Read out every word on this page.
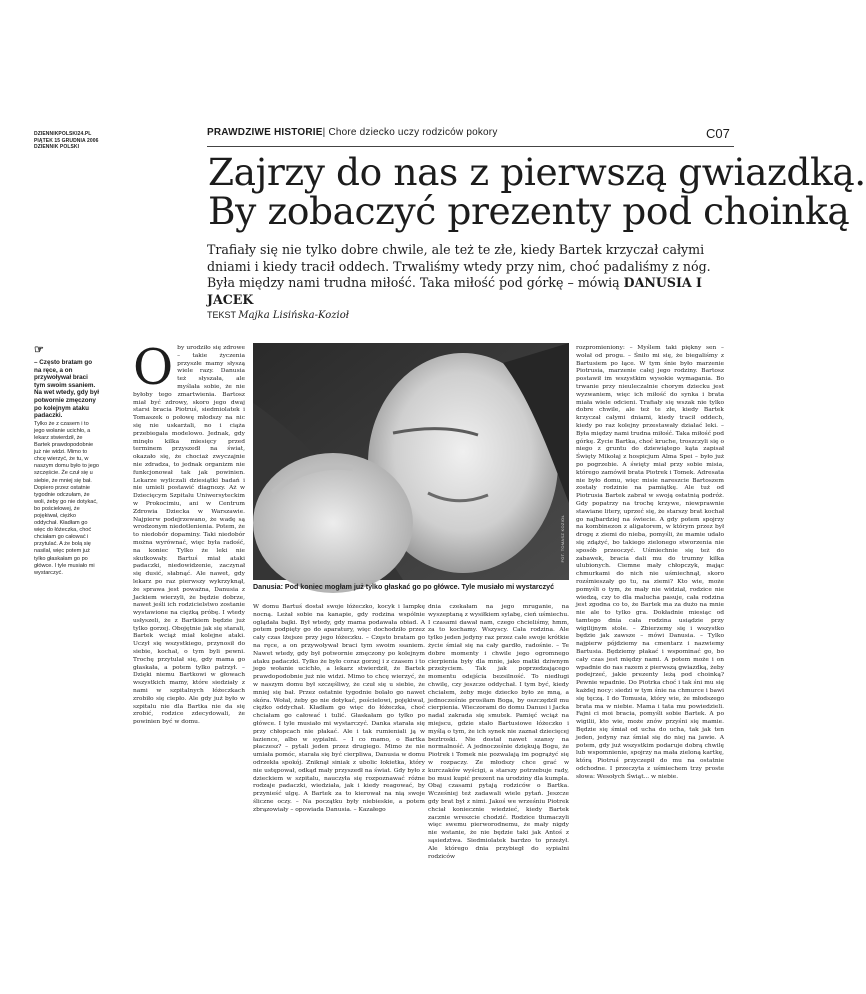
DZIENNIKPOLSKI24.PL
PIĄTEK 15 GRUDNIA 2006
DZIENNIK POLSKI
PRAWDZIWE HISTORIE| Chore dziecko uczy rodziców pokory	C07
Zajrzy do nas z pierwszą gwiazdką.
By zobaczyć prezenty pod choinką
Trafiały się nie tylko dobre chwile, ale też te złe, kiedy Bartek krzyczał całymi dniami i kiedy tracił oddech. Trwaliśmy wtedy przy nim, choć padaliśmy z nóg. Była między nami trudna miłość. Taka miłość pod górkę – mówią DANUSIA I JACEK
TEKST Majka Lisińska-Kozioł
☞
– Często bratam go na ręce, a on przywoływał braci tym swoim ssaniem. Na wet wtedy, gdy był potwornie zmęczony po kolejnym ataku padaczki.
Tylko że z czasem i to jego wołanie ucichło, a lekarz stwierdził, że Bartek prawdopodobnie już nie widzi. Mimo to chcę wierzyć, że tu, w naszym domu było to jego szczęście. Że czuł się u siebie, że mniej się bał. Dopiero przez ostatnie tygodnie odczułam, że woli, żeby go nie dotykać, bo pościelowej, że pojękiwał, ciężko oddychał. Kładłam go więc do łóżeczka, choć chciałam go całować i przytulać. A że bolą się nasilał, więc potem już tylko głaskałam go po główce. I tyle musiało mi wystarczyć.
O by urodziło się zdrowe – takie życzenia przyszłe mamy słyszą wiele razy. Danusia też słyszała, ale myślała sobie, że nie byłoby tego zmartwienia. Bartosz miał być zdrowy, skoro jego dwaj starsi bracia Piotruś, siedmiolatek i Tomaszek o połowę młodszy na nic się nie uskarżali, no i ciąża przebiegała modelowo. Jednak, gdy minęło kilka miesięcy przed terminem przyszedł na świat, okazało się, że chociaż zwyczajnie nie zdradza, to jednak organizm nie funkcjonował tak jak powinien. Lekarze wyliczali dziesiątki badań i nie umieli postawić diagnozy. Aż w Dziecięcym Szpitalu Uniwersyteckim w Prokocimiu, ani w Centrum Zdrowia Dziecka w Warszawie. Najpierw podejrzewano, że wadę są wrodzonym niedotlenienia. Potem, że to niedobór dopaminy. Taki niedobór można wyrównać, więc była radość, na koniec Tylko że leki nie skutkowały. Bartuś miał ataki padaczki, niedowidzenie, zaczynał się dusić, słabnąć. Ale nawet, gdy lekarz po raz pierwszy wykrzyknął, że sprawa jest poważna, Danusia z Jackiem wierzyli, że będzie dobrze, nawet jeśli ich rodzicielstwo zostanie wystawione na ciężką próbę. I wtedy usłyszeli, że z Bartkiem będzie już tylko gorzej. Obojętnie jak się starali, Bartek wciąż miał kolejne ataki. Uczył się wszystkiego, przynosił do siebie, kochał, o tym byli pewni. Trochę przytulał się, gdy mama go głaskała, a potem tylko patrzył. – Dzięki niemu Bartkowi w głowach wszystkich mamy, które siedziały z nami w szpitalnych łóżeczkach zrobiło się ciepło. Ale gdy już było w szpitalu nie dla Bartka nie da się zrobić, rodzice zdecydowali, że powinien być w domu.
FOT. TOMASZ KOZIOŁ
Danusia: Pod koniec mogłam już tylko głaskać go po główce. Tyle musiało mi wystarczyć
W domu Bartuś dostał swoje łóżeczko, kocyk i lampkę nocną. Leżał sobie na kanapie, gdy rodzina wspólnie oglądała bajki. Był wtedy, gdy mama podawała obiad. A potem podpięty go do aparatury, więc dochodziło przez cały czas lżejsze przy jego łóżeczku. – Często bratam go na ręce, a on przywoływał braci tym swoim ssaniem. Nawet wtedy, gdy był potwornie zmęczony po kolejnym ataku padaczki. Tylko że było coraz gorzej i z czasem i to jego wołanie ucichło, a lekarz stwierdził, że Bartek prawdopodobnie już nie widzi. Mimo to chcę wierzyć, że w naszym domu był szczęśliwy, że czuł się u siebie, że mniej się bał. Przez ostatnie tygodnie bolało go nawet skóra. Wołał, żeby go nie dotykać, pościelowi, pojękiwał, ciężko oddychał. Kładłam go więc do łóżeczka, choć chciałam go całować i tulić. Głaskałam go tylko po główce. I tyle musiało mi wystarczyć. Danka starała się przy chłopcach nie płakać. Ale i tak rumieniali ją w łazience, albo w sypialni. – I co mamo, o Bartka płaczesz? – pytali jeden przez drugiego. Mimo że nie umiała pomóc, starała się być cierpliwa, Danusia w domu odrzekła spokój. Zniknął siniak z ubolic łokietka, który nie ustępował, odkąd mały przyszedł na świat. Gdy było z dzieckiem w szpitalu, nauczyła się rozpoznawać różne rodzaje padaczki, wiedziała, jak i kiedy reagować, by przynieść ulgę. A Bartek za to kierował na nią swoje śliczne oczy. – Na początku były niebieskie, a potem zbrązowiały – opowiada Danusia. – Kazałego
dnia czekałam na jego mruganie, na wyszeptaną z wysiłkiem sylabę, cień uśmiechu. I czasami dawał nam, czego chcieliśmy, hmm, za to kochamy. Wszyscy. Cała rodzina. Ale tylko jeden jedyny raz przez całe swoje krótkie życie śmiał się na cały gardło, radośnie. – Te dobre momenty i chwile jego ogromnego cierpienia były dla mnie, jako matki dziwnym przeżyciem. Tak jak poprzedzającego momentu odejścia bezsilność. To niedługi chwilę, czy jeszcze oddychał. I tym być, kiedy chciałem, żeby moje dziecko było ze mną, a jednocześnie prosiłam Boga, by oszczędził mu cierpienia. Wieczorami do domu Danusi i Jacka nadal zakrada się smutek. Pamięć wciąż na miejscu, gdzie stało Bartusiowe łóżeczko i myślą o tym, że ich synek nie zaznał dziecięcej beztroski. Nie dostał nawet szansy na normalność. A jednocześnie dziękują Bogu, że Piotrek i Tomek nie pozwalają im pogrążyć się w rozpaczy. Ze młodszy chce grać w kurczaków wyścigi, a starszy potrzebuje rady, bo musi kupić prezent na urodziny dla kumpla. Obaj czasami pytają rodziców o Bartka. Wcześniej też zadawali wiele pytań. Jeszcze gdy brat był z nimi. Jakoś we wrześniu Piotrek chciał koniecznie wiedzieć, kiedy Bartek zacznie wreszcie chodzić. Rodzice tłumaczyli więc swemu pierworodnemu, że mały nigdy nie wstanie, że nie będzie taki jak Antoś z sąsiedztwa. Siedmiolatek bardzo to przeżył. Ale którego dnia przybiegł do sypialni rodziców
rozpromieniony: – Myślem taki piękny sen – wołał od progu. – Śniło mi się, że biegaliśmy z Bartusiem po łące. W tym śnie było marzenie Piotrusia, marzenie całej jego rodziny. Bartosz postawił im wszystkim wysokie wymagania. Bo trwanie przy nieuleczalnie chorym dziecku jest wyzwaniem, więc ich miłość do synka i brata miała wiele odcieni. Trafiały się wszak nie tylko dobre chwile, ale też te złe, kiedy Bartek krzyczał całymi dniami, kiedy tracił oddech, kiedy po raz kolejny przestawały działać leki. – Była między nami trudna miłość. Taka miłość pod górkę. Życie Bartka, choć kruche, troszczyli się o niego z gruntu do dziewiątego kąta zapisał Święty Mikołaj z hospicjum Alma Spei – było już po pogrzebie. A święty miał przy sobie misia, którego zamówił brata Piotrek i Tomek. Adresata nie było domu, więc misie nareszcie Bartoszem zostały rodzinie na pamiątkę. Ale tuż od Piotrusia Bartek zabrał w swoją ostatnią podróż. Gdy popatrzy na trochę krzywe, niewprawnie stawiane litery, uprzeć się, że starszy brat kochał go najbardziej na świecie. A gdy potem spojrzy na kombinezon z aligatorem, w którym przez był drogę z ziemi do nieba, pomyśli, że mamie udało się zdążyć, bo takiego zielonego stworzenia nie sposób przeoczyć. Uśmiechnie się też do zabawek, bracia dali mu do trumny kilka ulubionych. Ciemne mały chłopczyk, mając chmurkami do nich nie uśmiechnął, skoro rozśmieszały go tu, na ziemi? Kto wie, może pomyśli o tym, że mały nie widział, rodzice nie wiedzą, czy to dla malucha pasuje, cała rodzina jest zgodna co to, że Bartek ma za dużo na mnie nie ale to tylko gra. Dokładnie miesiąc od tamtego dnia cała rodzina usiądzie przy wigilijnym stole. – Zbierzemy się i wszystko będzie jak zawsze – mówi Danusia. – Tylko najpierw pójdziemy na cmentarz i nazwiemy Bartusia. Będziemy płakać i wspominać go, bo cały czas jest między nami. A potem może i on wpadnie do nas razem z pierwszą gwiazdką, żeby podejrzeć, jakie prezenty leżą pod choinką? Pewnie wpadnie. Do Piotrka choć i tak śni mu się każdej nocy: siedzi w tym śnie na chmurce i bawi się tęczą. I do Tomusia, który wie, że młodszego brata ma w niebie. Mama i tata mu powiedzieli. Fajni ci moi bracia, pomyśli sobie Bartek. A po wigilii, kto wie, może znów przyśni się mamie. Będzie się śmiał od ucha do ucha, tak jak ten jeden, jedyny raz śmiał się do niej na jawie. A potem, gdy już wszystkim podaruje dobrą chwilę lub wspomnienie, spojrzy na mała zieloną kartkę, którą Piotruś przyczepił do mu na ostatnie odchodne. I przeczyta z uśmiechem trzy proste słowa: Wesołych Świąt... w niebie.
